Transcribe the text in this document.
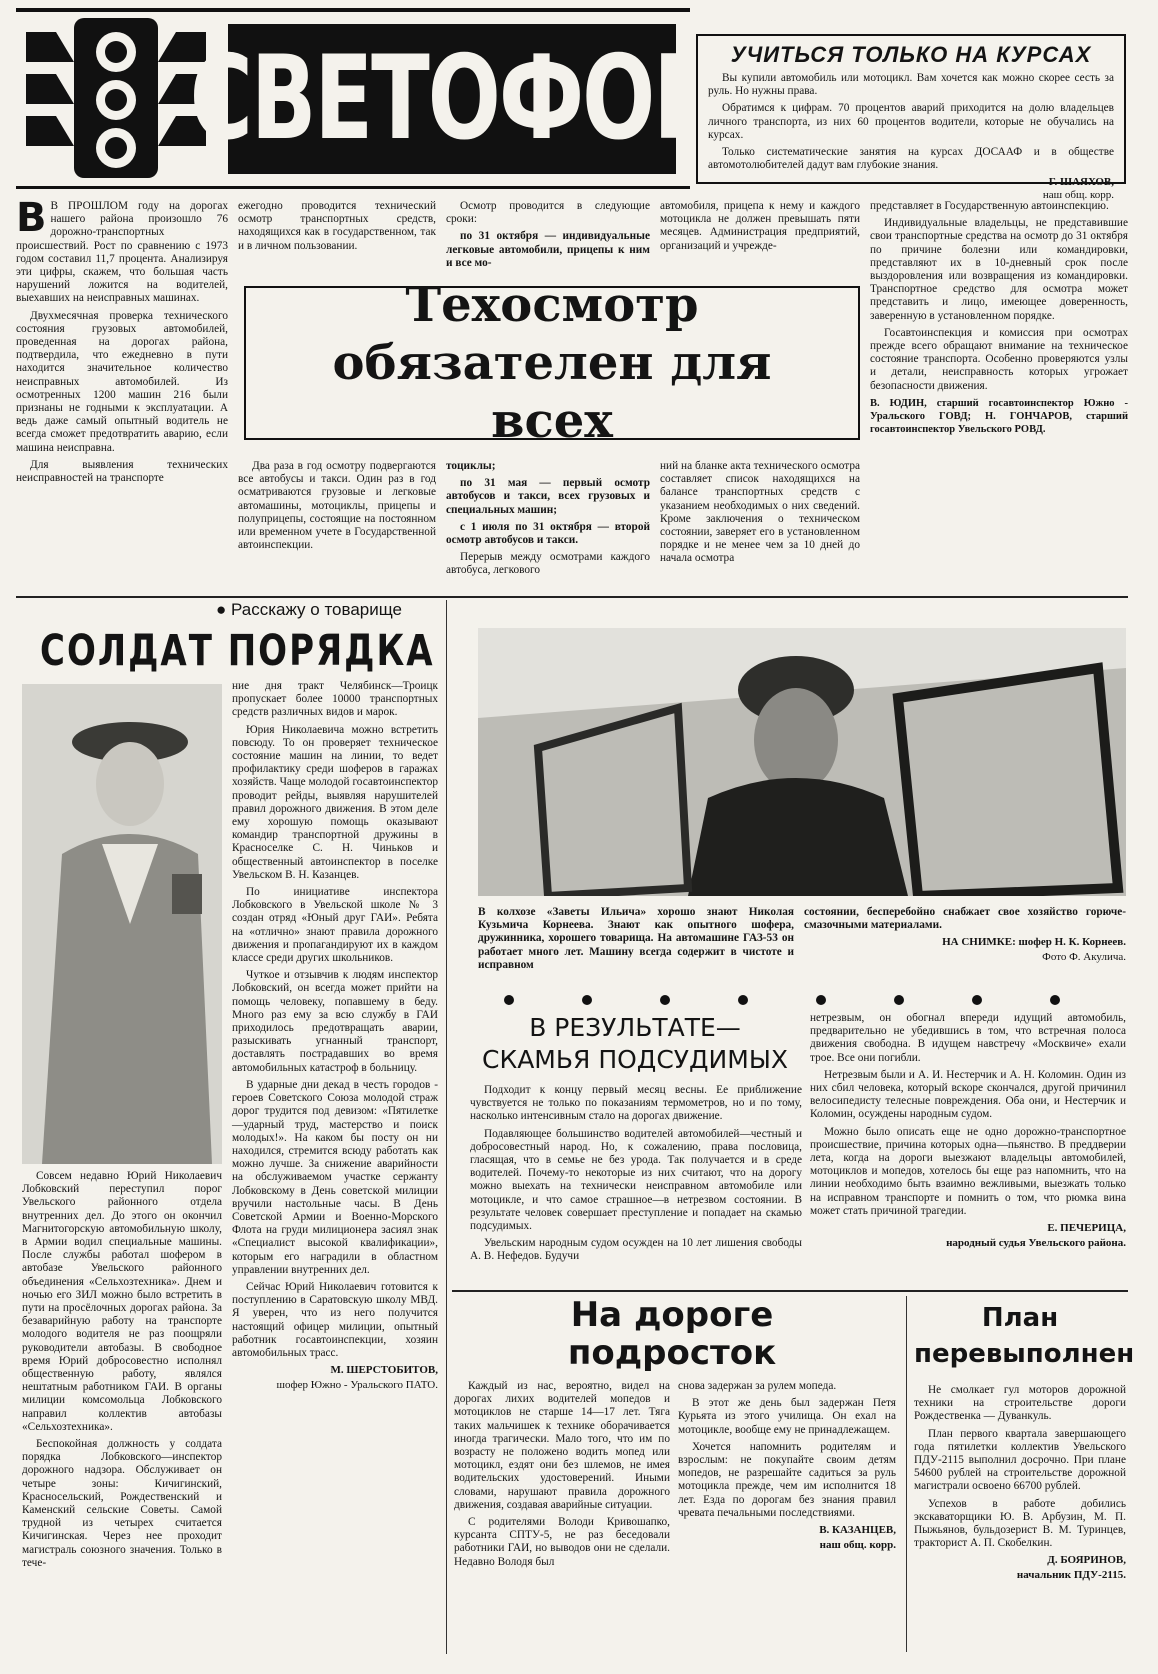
СВЕТОФОР УЧИТЬСЯ ТОЛЬКО НА КУРСАХ

Вы купили автомобиль или мотоцикл. Вам хочется как можно скорее сесть за руль. Но нужны права.

Обратимся к цифрам. 70 процентов аварий приходится на долю владельцев личного транспорта, из них 60 процентов водители, которые не обучались на курсах.

Только систематические занятия на курсах ДОСААФ и в обществе автомотолюбителей дадут вам глубокие знания.

Г. ШАЯХОВ,
наш общ. корр.

В В ПРОШЛОМ году на дорогах нашего района произошло 76 дорожно-транспортных происшествий. Рост по сравнению с 1973 годом составил 11,7 процента. Анализируя эти цифры, скажем, что большая часть нарушений ложится на водителей, выехавших на неисправных машинах.

Двухмесячная проверка технического состояния грузовых автомобилей, проведенная на дорогах района, подтвердила, что ежедневно в пути находится значительное количество неисправных автомобилей. Из осмотренных 1200 машин 216 были признаны не годными к эксплуатации. А ведь даже самый опытный водитель не всегда сможет предотвратить аварию, если машина неисправна.

Для выявления технических неисправностей на транспорте

ежегодно проводится технический осмотр транспортных средств, находящихся как в государственном, так и в личном пользовании.

Осмотр проводится в следующие сроки:

по 31 октября — индивидуальные легковые автомобили, прицепы к ним и все мо-

автомобиля, прицепа к нему и каждого мотоцикла не должен превышать пяти месяцев. Администрация предприятий, организаций и учрежде-

Техосмотр обязателен для всех

Два раза в год осмотру подвергаются все автобусы и такси. Один раз в год осматриваются грузовые и легковые автомашины, мотоциклы, прицепы и полуприцепы, состоящие на постоянном или временном учете в Государственной автоинспекции.

тоциклы;

по 31 мая — первый осмотр автобусов и такси, всех грузовых и специальных машин;

с 1 июля по 31 октября — второй осмотр автобусов и такси.

Перерыв между осмотрами каждого автобуса, легкового

ний на бланке акта технического осмотра составляет список находящихся на балансе транспортных средств с указанием необходимых о них сведений. Кроме заключения о техническом состоянии, заверяет его в установленном порядке и не менее чем за 10 дней до начала осмотра

представляет в Государственную автоинспекцию.

Индивидуальные владельцы, не представившие свои транспортные средства на осмотр до 31 октября по причине болезни или командировки, представляют их в 10-дневный срок после выздоровления или возвращения из командировки. Транспортное средство для осмотра может представить и лицо, имеющее доверенность, заверенную в установленном порядке.

Госавтоинспекция и комиссия при осмотрах прежде всего обращают внимание на техническое состояние транспорта. Особенно проверяются узлы и детали, неисправность которых угрожает безопасности движения.

В. ЮДИН, старший госавтоинспектор Южно - Уральского ГОВД; Н. ГОНЧАРОВ, старший госавтоинспектор Увельского РОВД.

● Расскажу о товарище
СОЛДАТ ПОРЯДКА

Совсем недавно Юрий Николаевич Лобковский переступил порог Увельского районного отдела внутренних дел. До этого он окончил Магнитогорскую автомобильную школу, в Армии водил специальные машины. После службы работал шофером в автобазе Увельского районного объединения «Сельхозтехника». Днем и ночью его ЗИЛ можно было встретить в пути на просёлочных дорогах района. За безаварийную работу на транспорте молодого водителя не раз поощряли руководители автобазы. В свободное время Юрий добросовестно исполнял общественную работу, являлся нештатным работником ГАИ. В органы милиции комсомольца Лобковского направил коллектив автобазы «Сельхозтехника».

Беспокойная должность у солдата порядка Лобковского—инспектор дорожного надзора. Обслуживает он четыре зоны: Кичигинский, Красносельский, Рождественский и Каменский сельские Советы. Самой трудной из четырех считается Кичигинская. Через нее проходит магистраль союзного значения. Только в тече-

ние дня тракт Челябинск—Троицк пропускает более 10000 транспортных средств различных видов и марок.

Юрия Николаевича можно встретить повсюду. То он проверяет техническое состояние машин на линии, то ведет профилактику среди шоферов в гаражах хозяйств. Чаще молодой госавтоинспектор проводит рейды, выявляя нарушителей правил дорожного движения. В этом деле ему хорошую помощь оказывают командир транспортной дружины в Красноселке С. Н. Чиньков и общественный автоинспектор в поселке Увельском В. Н. Казанцев.

По инициативе инспектора Лобковского в Увельской школе № 3 создан отряд «Юный друг ГАИ». Ребята на «отлично» знают правила дорожного движения и пропагандируют их в каждом классе среди других школьников.

Чуткое и отзывчив к людям инспектор Лобковский, он всегда может прийти на помощь человеку, попавшему в беду. Много раз ему за всю службу в ГАИ приходилось предотвращать аварии, разыскивать угнанный транспорт, доставлять пострадавших во время автомобильных катастроф в больницу.

В ударные дни декад в честь городов - героев Советского Союза молодой страж дорог трудится под девизом: «Пятилетке—ударный труд, мастерство и поиск молодых!». На каком бы посту он ни находился, стремится всюду работать как можно лучше. За снижение аварийности на обслуживаемом участке сержанту Лобковскому в День советской милиции вручили настольные часы. В День Советской Армии и Военно-Морского Флота на груди милиционера засиял знак «Специалист высокой квалификации», которым его наградили в областном управлении внутренних дел.

Сейчас Юрий Николаевич готовится к поступлению в Саратовскую школу МВД. Я уверен, что из него получится настоящий офицер милиции, опытный работник госавтоинспекции, хозяин автомобильных трасс.

М. ШЕРСТОБИТОВ,
шофер Южно - Уральского ПАТО.

В колхозе «Заветы Ильича» хорошо знают Николая Кузьмича Корнеева. Знают как опытного шофера, дружинника, хорошего товарища. На автомашине ГАЗ-53 он работает много лет. Машину всегда содержит в чистоте и исправном

состоянии, бесперебойно снабжает свое хозяйство горюче-смазочными материалами.

НА СНИМКЕ: шофер Н. К. Корнеев.
Фото Ф. Акулича.
В РЕЗУЛЬТАТЕ—
СКАМЬЯ ПОДСУДИМЫХ

Подходит к концу первый месяц весны. Ее приближение чувствуется не только по показаниям термометров, но и по тому, насколько интенсивным стало на дорогах движение.

Подавляющее большинство водителей автомобилей—честный и добросовестный народ. Но, к сожалению, права пословица, гласящая, что в семье не без урода. Так получается и в среде водителей. Почему-то некоторые из них считают, что на дорогу можно выехать на технически неисправном автомобиле или мотоцикле, и что самое страшное—в нетрезвом состоянии. В результате человек совершает преступление и попадает на скамью подсудимых.

Увельским народным судом осужден на 10 лет лишения свободы А. В. Нефедов. Будучи

нетрезвым, он обогнал впереди идущий автомобиль, предварительно не убедившись в том, что встречная полоса движения свободна. В идущем навстречу «Москвиче» ехали трое. Все они погибли.

Нетрезвым были и А. И. Нестерчик и А. Н. Коломин. Один из них сбил человека, который вскоре скончался, другой причинил велосипедисту телесные повреждения. Оба они, и Нестерчик и Коломин, осуждены народным судом.

Можно было описать еще не одно дорожно-транспортное происшествие, причина которых одна—пьянство. В преддверии лета, когда на дороги выезжают владельцы автомобилей, мотоциклов и мопедов, хотелось бы еще раз напомнить, что на линии необходимо быть взаимно вежливыми, выезжать только на исправном транспорте и помнить о том, что рюмка вина может стать причиной трагедии.

Е. ПЕЧЕРИЦА,
народный судья Увельского района.
На дороге
подросток

Каждый из нас, вероятно, видел на дорогах лихих водителей мопедов и мотоциклов не старше 14—17 лет. Тяга таких мальчишек к технике оборачивается иногда трагически. Мало того, что им по возрасту не положено водить мопед или мотоцикл, ездят они без шлемов, не имея водительских удостоверений. Иными словами, нарушают правила дорожного движения, создавая аварийные ситуации.

С родителями Володи Кривошапко, курсанта СПТУ-5, не раз беседовали работники ГАИ, но выводов они не сделали. Недавно Володя был

снова задержан за рулем мопеда.

В этот же день был задержан Петя Курьята из этого училища. Он ехал на мотоцикле, вообще ему не принадлежащем.

Хочется напомнить родителям и взрослым: не покупайте своим детям мопедов, не разрешайте садиться за руль мотоцикла прежде, чем им исполнится 18 лет. Езда по дорогам без знания правил чревата печальными последствиями.

В. КАЗАНЦЕВ,
наш общ. корр.
План
перевыполнен

Не смолкает гул моторов дорожной техники на строительстве дороги Рождественка — Дуванкуль.

План первого квартала завершающего года пятилетки коллектив Увельского ПДУ-2115 выполнил досрочно. При плане 54600 рублей на строительстве дорожной магистрали освоено 66700 рублей.

Успехов в работе добились экскаваторщики Ю. В. Арбузин, М. П. Пыжьянов, бульдозерист В. М. Туринцев, тракторист А. П. Скобелкин.

Д. БОЯРИНОВ,
начальник ПДУ-2115.
